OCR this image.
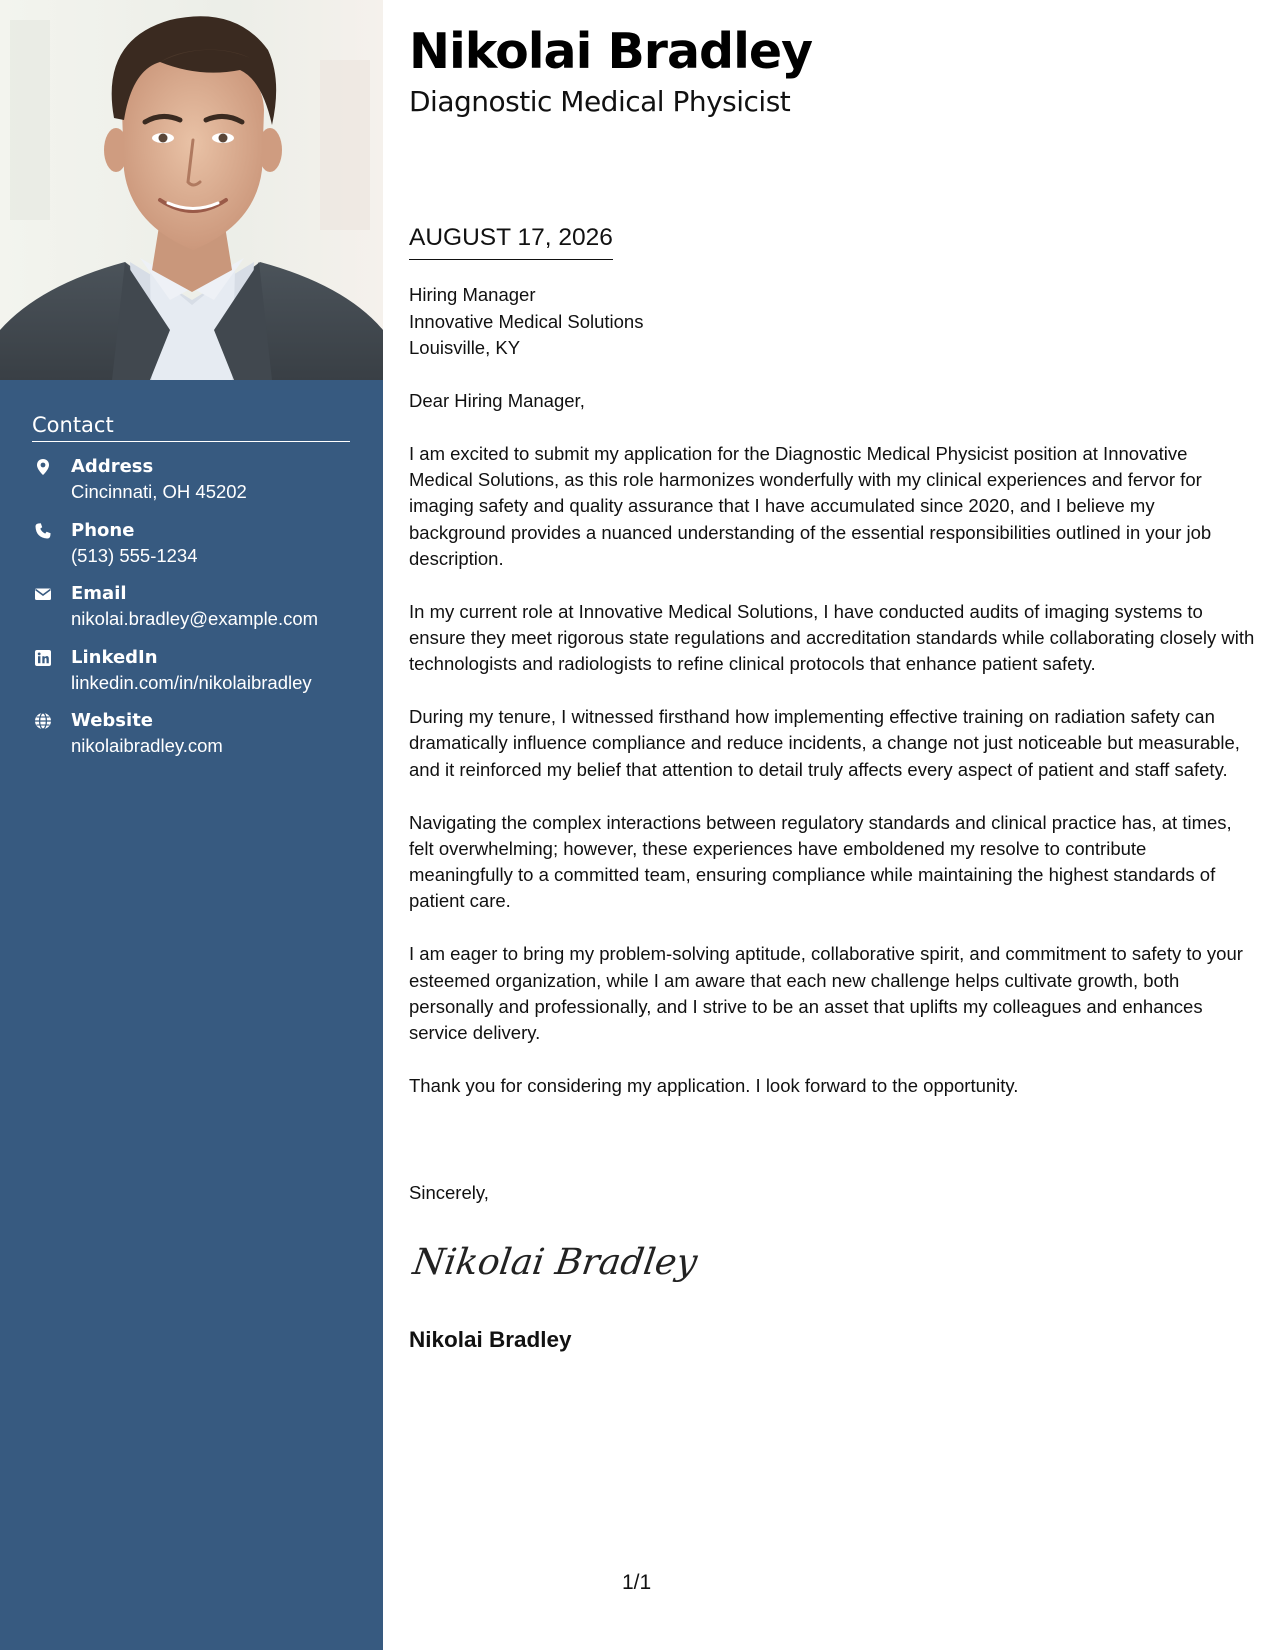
Contact
Address
Cincinnati, OH 45202
Phone
(513) 555-1234
Email
nikolai.bradley@example.com
LinkedIn
linkedin.com/in/nikolaibradley
Website
nikolaibradley.com
Nikolai Bradley
Diagnostic Medical Physicist
AUGUST 17, 2026
Hiring Manager
Innovative Medical Solutions
Louisville, KY

Dear Hiring Manager,

I am excited to submit my application for the Diagnostic Medical Physicist position at Innovative Medical Solutions, as this role harmonizes wonderfully with my clinical experiences and fervor for imaging safety and quality assurance that I have accumulated since 2020, and I believe my background provides a nuanced understanding of the essential responsibilities outlined in your job description.

In my current role at Innovative Medical Solutions, I have conducted audits of imaging systems to ensure they meet rigorous state regulations and accreditation standards while collaborating closely with technologists and radiologists to refine clinical protocols that enhance patient safety.

During my tenure, I witnessed firsthand how implementing effective training on radiation safety can dramatically influence compliance and reduce incidents, a change not just noticeable but measurable, and it reinforced my belief that attention to detail truly affects every aspect of patient and staff safety.

Navigating the complex interactions between regulatory standards and clinical practice has, at times, felt overwhelming; however, these experiences have emboldened my resolve to contribute meaningfully to a committed team, ensuring compliance while maintaining the highest standards of patient care.

I am eager to bring my problem-solving aptitude, collaborative spirit, and commitment to safety to your esteemed organization, while I am aware that each new challenge helps cultivate growth, both personally and professionally, and I strive to be an asset that uplifts my colleagues and enhances service delivery.

Thank you for considering my application. I look forward to the opportunity.

Sincerely,
Nikolai Bradley
Nikolai Bradley
1/1
